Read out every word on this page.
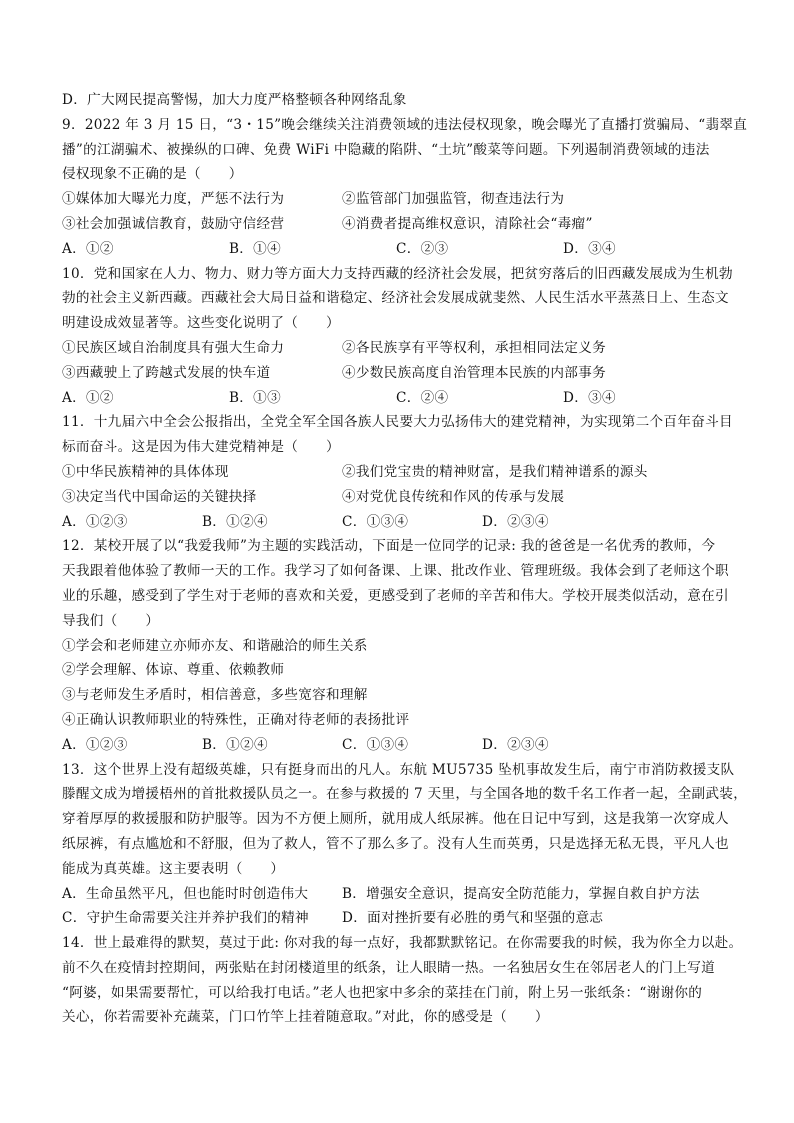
D．广大网民提高警惕，加大力度严格整顿各种网络乱象
9．2022 年 3 月 15 日，“3・15”晚会继续关注消费领域的违法侵权现象，晚会曝光了直播打赏骗局、“翡翠直
播”的江湖骗术、被操纵的口碑、免费 WiFi 中隐藏的陷阱、“土坑”酸菜等问题。下列遏制消费领域的违法
侵权现象不正确的是（　　）
①媒体加大曝光力度，严惩不法行为	②监管部门加强监管，彻查违法行为
③社会加强诚信教育，鼓励守信经营	④消费者提高维权意识，清除社会“毒瘤”
A．①②	B．①④	C．②③	D．③④
10．党和国家在人力、物力、财力等方面大力支持西藏的经济社会发展，把贫穷落后的旧西藏发展成为生机勃
勃的社会主义新西藏。西藏社会大局日益和谐稳定、经济社会发展成就斐然、人民生活水平蒸蒸日上、生态文
明建设成效显著等。这些变化说明了（　　）
①民族区域自治制度具有强大生命力	②各民族享有平等权利，承担相同法定义务
③西藏驶上了跨越式发展的快车道	④少数民族高度自治管理本民族的内部事务
A．①②	B．①③	C．②④	D．③④
11．十九届六中全会公报指出，全党全军全国各族人民要大力弘扬伟大的建党精神，为实现第二个百年奋斗目
标而奋斗。这是因为伟大建党精神是（　　）
①中华民族精神的具体体现	②我们党宝贵的精神财富，是我们精神谱系的源头
③决定当代中国命运的关键抉择	④对党优良传统和作风的传承与发展
A．①②③	B．①②④	C．①③④	D．②③④
12．某校开展了以“我爱我师”为主题的实践活动，下面是一位同学的记录: 我的爸爸是一名优秀的教师，今
天我跟着他体验了教师一天的工作。我学习了如何备课、上课、批改作业、管理班级。我体会到了老师这个职
业的乐趣，感受到了学生对于老师的喜欢和关爱，更感受到了老师的辛苦和伟大。学校开展类似活动，意在引
导我们（　　）
①学会和老师建立亦师亦友、和谐融洽的师生关系
②学会理解、体谅、尊重、依赖教师
③与老师发生矛盾时，相信善意，多些宽容和理解
④正确认识教师职业的特殊性，正确对待老师的表扬批评
A．①②③	B．①②④	C．①③④	D．②③④
13．这个世界上没有超级英雄，只有挺身而出的凡人。东航 MU5735 坠机事故发生后，南宁市消防救援支队
滕醒文成为增援梧州的首批救援队员之一。在参与救援的 7 天里，与全国各地的数千名工作者一起，全副武装，
穿着厚厚的救援服和防护服等。因为不方便上厕所，就用成人纸尿裤。他在日记中写到，这是我第一次穿成人
纸尿裤，有点尴尬和不舒服，但为了救人，管不了那么多了。没有人生而英勇，只是选择无私无畏，平凡人也
能成为真英雄。这主要表明（　　）
A．生命虽然平凡，但也能时时创造伟大	B．增强安全意识，提高安全防范能力，掌握自救自护方法
C．守护生命需要关注并养护我们的精神	D．面对挫折要有必胜的勇气和坚强的意志
14．世上最难得的默契，莫过于此: 你对我的每一点好，我都默默铭记。在你需要我的时候，我为你全力以赴。
前不久在疫情封控期间，两张贴在封闭楼道里的纸条，让人眼睛一热。一名独居女生在邻居老人的门上写道
“阿婆，如果需要帮忙，可以给我打电话。”老人也把家中多余的菜挂在门前，附上另一张纸条：“谢谢你的
关心，你若需要补充蔬菜，门口竹竿上挂着随意取。”对此，你的感受是（　　）
